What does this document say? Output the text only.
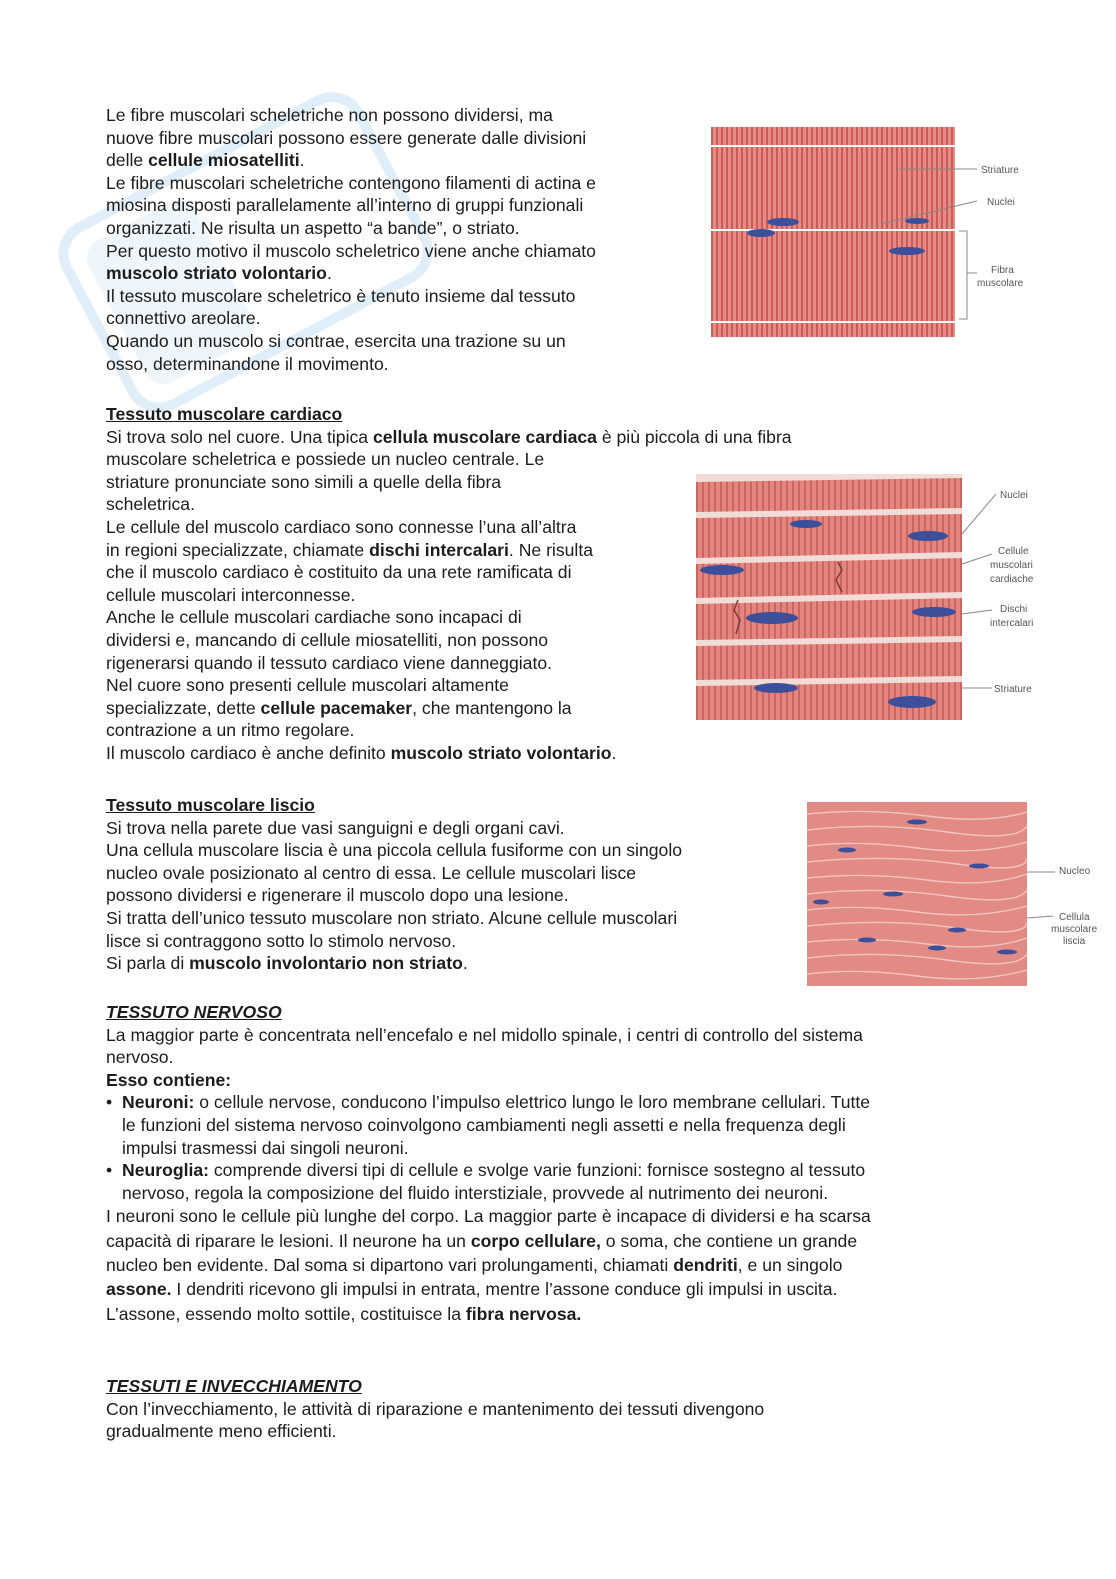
Le fibre muscolari scheletriche non possono dividersi, ma
nuove fibre muscolari possono essere generate dalle divisioni
delle cellule miosatelliti.
Le fibre muscolari scheletriche contengono filamenti di actina e
miosina disposti parallelamente all’interno di gruppi funzionali
organizzati. Ne risulta un aspetto “a bande”, o striato.
Per questo motivo il muscolo scheletrico viene anche chiamato
muscolo striato volontario.
Il tessuto muscolare scheletrico è tenuto insieme dal tessuto
connettivo areolare.
Quando un muscolo si contrae, esercita una trazione su un
osso, determinandone il movimento.
Striature
Nuclei
Fibra
muscolare
Tessuto muscolare cardiaco
Si trova solo nel cuore. Una tipica cellula muscolare cardiaca è più piccola di una fibra
muscolare scheletrica e possiede un nucleo centrale. Le
striature pronunciate sono simili a quelle della fibra
scheletrica.
Le cellule del muscolo cardiaco sono connesse l’una all’altra
in regioni specializzate, chiamate dischi intercalari. Ne risulta
che il muscolo cardiaco è costituito da una rete ramificata di
cellule muscolari interconnesse.
Anche le cellule muscolari cardiache sono incapaci di
dividersi e, mancando di cellule miosatelliti, non possono
rigenerarsi quando il tessuto cardiaco viene danneggiato.
Nel cuore sono presenti cellule muscolari altamente
specializzate, dette cellule pacemaker, che mantengono la
contrazione a un ritmo regolare.
Il muscolo cardiaco è anche definito muscolo striato volontario.
Nuclei
Cellule
muscolari
cardiache
Dischi
intercalari
Striature
Tessuto muscolare liscio
Si trova nella parete due vasi sanguigni e degli organi cavi.
Una cellula muscolare liscia è una piccola cellula fusiforme con un singolo
nucleo ovale posizionato al centro di essa. Le cellule muscolari lisce
possono dividersi e rigenerare il muscolo dopo una lesione.
Si tratta dell’unico tessuto muscolare non striato. Alcune cellule muscolari
lisce si contraggono sotto lo stimolo nervoso.
Si parla di muscolo involontario non striato.
Nucleo
Cellula
muscolare
liscia
TESSUTO NERVOSO
La maggior parte è concentrata nell’encefalo e nel midollo spinale, i centri di controllo del sistema
nervoso.
Esso contiene:
• Neuroni: o cellule nervose, conducono l’impulso elettrico lungo le loro membrane cellulari. Tutte
le funzioni del sistema nervoso coinvolgono cambiamenti negli assetti e nella frequenza degli
impulsi trasmessi dai singoli neuroni.
• Neuroglia: comprende diversi tipi di cellule e svolge varie funzioni: fornisce sostegno al tessuto
nervoso, regola la composizione del fluido interstiziale, provvede al nutrimento dei neuroni.
I neuroni sono le cellule più lunghe del corpo. La maggior parte è incapace di dividersi e ha scarsa
capacità di riparare le lesioni. Il neurone ha un corpo cellulare, o soma, che contiene un grande
nucleo ben evidente. Dal soma si dipartono vari prolungamenti, chiamati dendriti, e un singolo
assone. I dendriti ricevono gli impulsi in entrata, mentre l’assone conduce gli impulsi in uscita.
L’assone, essendo molto sottile, costituisce la fibra nervosa.
TESSUTI E INVECCHIAMENTO
Con l’invecchiamento, le attività di riparazione e mantenimento dei tessuti divengono
gradualmente meno efficienti.
